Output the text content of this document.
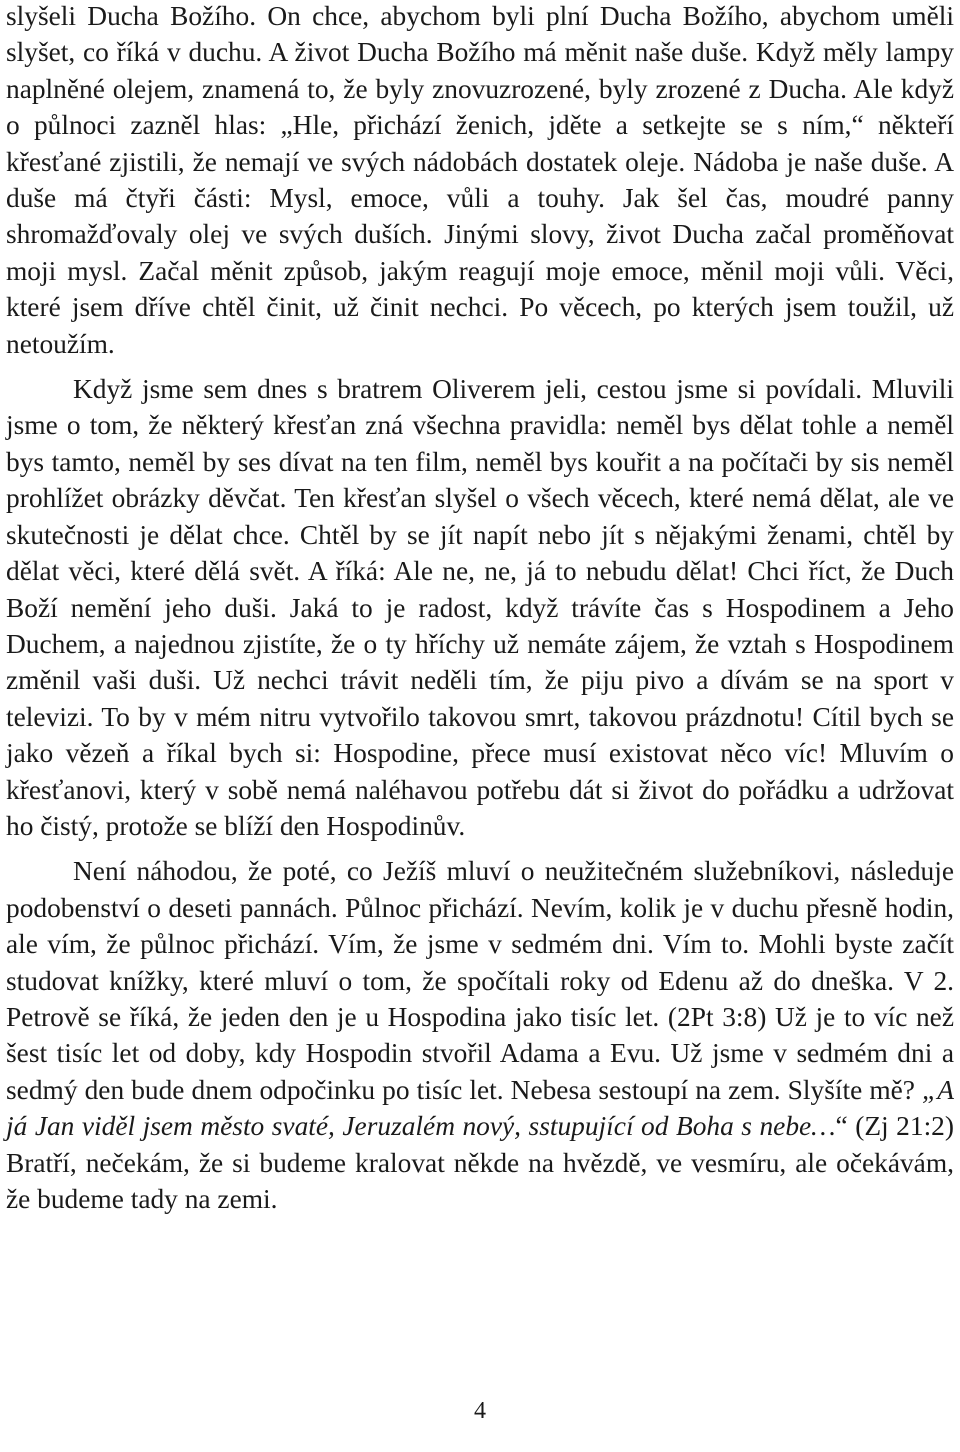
slyšeli Ducha Božího. On chce, abychom byli plní Ducha Božího, abychom uměli slyšet, co říká v duchu. A život Ducha Božího má měnit naše duše. Když měly lampy naplněné olejem, znamená to, že byly znovuzrozené, byly zrozené z Ducha. Ale když o půlnoci zazněl hlas: „Hle, přichází ženich, jděte a setkejte se s ním,“ někteří křesťané zjistili, že nemají ve svých nádobách dostatek oleje. Nádoba je naše duše. A duše má čtyři části: Mysl, emoce, vůli a touhy. Jak šel čas, moudré panny shromažďovaly olej ve svých duších. Jinými slovy, život Ducha začal proměňovat moji mysl. Začal měnit způsob, jakým reagují moje emoce, měnil moji vůli. Věci, které jsem dříve chtěl činit, už činit nechci. Po věcech, po kterých jsem toužil, už netoužím.

Když jsme sem dnes s bratrem Oliverem jeli, cestou jsme si povídali. Mluvili jsme o tom, že některý křesťan zná všechna pravidla: neměl bys dělat tohle a neměl bys tamto, neměl by ses dívat na ten film, neměl bys kouřit a na počítači by sis neměl prohlížet obrázky děvčat. Ten křesťan slyšel o všech věcech, které nemá dělat, ale ve skutečnosti je dělat chce. Chtěl by se jít napít nebo jít s nějakými ženami, chtěl by dělat věci, které dělá svět. A říká: Ale ne, ne, já to nebudu dělat! Chci říct, že Duch Boží nemění jeho duši. Jaká to je radost, když trávíte čas s Hospodinem a Jeho Duchem, a najednou zjistíte, že o ty hříchy už nemáte zájem, že vztah s Hospodinem změnil vaši duši. Už nechci trávit neděli tím, že piju pivo a dívám se na sport v televizi. To by v mém nitru vytvořilo takovou smrt, takovou prázdnotu! Cítil bych se jako vězeň a říkal bych si: Hospodine, přece musí existovat něco víc! Mluvím o křesťanovi, který v sobě nemá naléhavou potřebu dát si život do pořádku a udržovat ho čistý, protože se blíží den Hospodinův.

Není náhodou, že poté, co Ježíš mluví o neužitečném služebníkovi, následuje podobenství o deseti pannách. Půlnoc přichází. Nevím, kolik je v duchu přesně hodin, ale vím, že půlnoc přichází. Vím, že jsme v sedmém dni. Vím to. Mohli byste začít studovat knížky, které mluví o tom, že spočítali roky od Edenu až do dneška. V 2. Petrově se říká, že jeden den je u Hospodina jako tisíc let. (2Pt 3:8) Už je to víc než šest tisíc let od doby, kdy Hospodin stvořil Adama a Evu. Už jsme v sedmém dni a sedmý den bude dnem odpočinku po tisíc let. Nebesa sestoupí na zem. Slyšíte mě? „A já Jan viděl jsem město svaté, Jeruzalém nový, sstupující od Boha s nebe…“ (Zj 21:2) Bratří, nečekám, že si budeme kralovat někde na hvězdě, ve vesmíru, ale očekávám, že budeme tady na zemi.

4
